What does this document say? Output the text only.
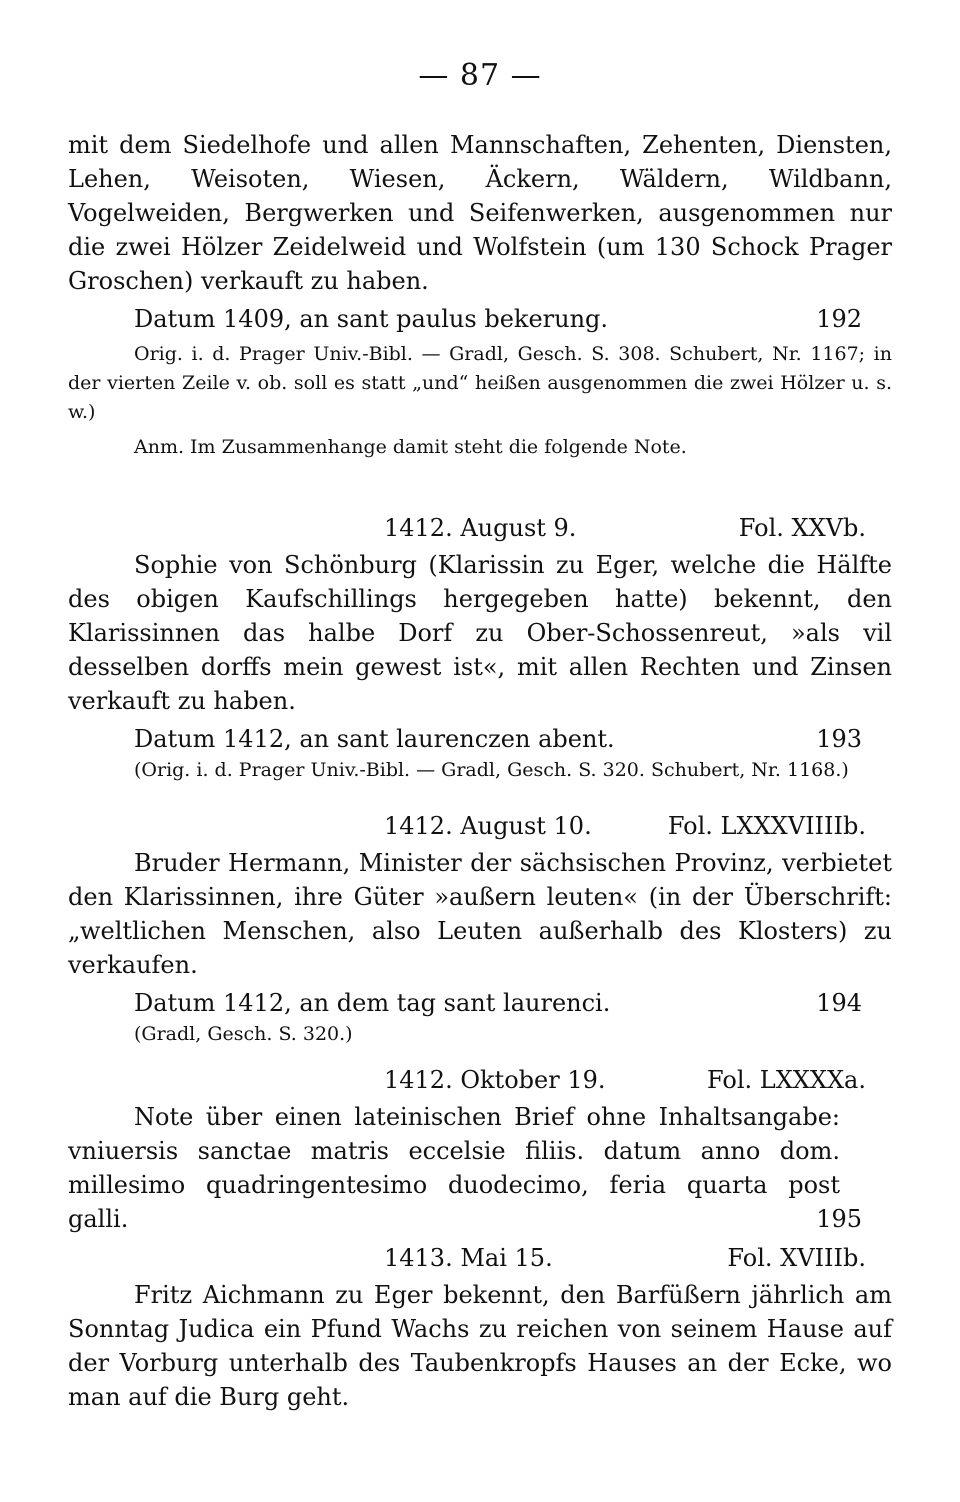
— 87 —

mit dem Siedelhofe und allen Mannschaften, Zehenten, Diensten, Lehen, Weisoten, Wiesen, Äckern, Wäldern, Wildbann, Vogelweiden, Bergwerken und Seifenwerken, ausgenommen nur die zwei Hölzer Zeidelweid und Wolfstein (um 130 Schock Prager Groschen) verkauft zu haben.

Datum 1409, an sant paulus bekerung.	192

Orig. i. d. Prager Univ.-Bibl. — Gradl, Gesch. S. 308. Schubert, Nr. 1167; in der vierten Zeile v. ob. soll es statt „und“ heißen ausgenommen die zwei Hölzer u. s. w.)

Anm. Im Zusammenhange damit steht die folgende Note.

1412. August 9.	Fol. XXVb.

Sophie von Schönburg (Klarissin zu Eger, welche die Hälfte des obigen Kaufschillings hergegeben hatte) bekennt, den Klarissinnen das halbe Dorf zu Ober-Schossenreut, »als vil desselben dorffs mein gewest ist«, mit allen Rechten und Zinsen verkauft zu haben.

Datum 1412, an sant laurenczen abent.	193

(Orig. i. d. Prager Univ.-Bibl. — Gradl, Gesch. S. 320. Schubert, Nr. 1168.)

1412. August 10.	Fol. LXXXVIIIIb.

Bruder Hermann, Minister der sächsischen Provinz, verbietet den Klarissinnen, ihre Güter »außern leuten« (in der Überschrift: „weltlichen Menschen, also Leuten außerhalb des Klosters) zu verkaufen.

Datum 1412, an dem tag sant laurenci.	194

(Gradl, Gesch. S. 320.)

1412. Oktober 19.	Fol. LXXXXa.

Note über einen lateinischen Brief ohne Inhaltsangabe: vniuersis sanctae matris eccelsie filiis. datum anno dom. millesimo quadringentesimo duodecimo, feria quarta post galli.	195
1413. Mai 15.	Fol. XVIIIb.

Fritz Aichmann zu Eger bekennt, den Barfüßern jährlich am Sonntag Judica ein Pfund Wachs zu reichen von seinem Hause auf der Vorburg unterhalb des Taubenkropfs Hauses an der Ecke, wo man auf die Burg geht.
